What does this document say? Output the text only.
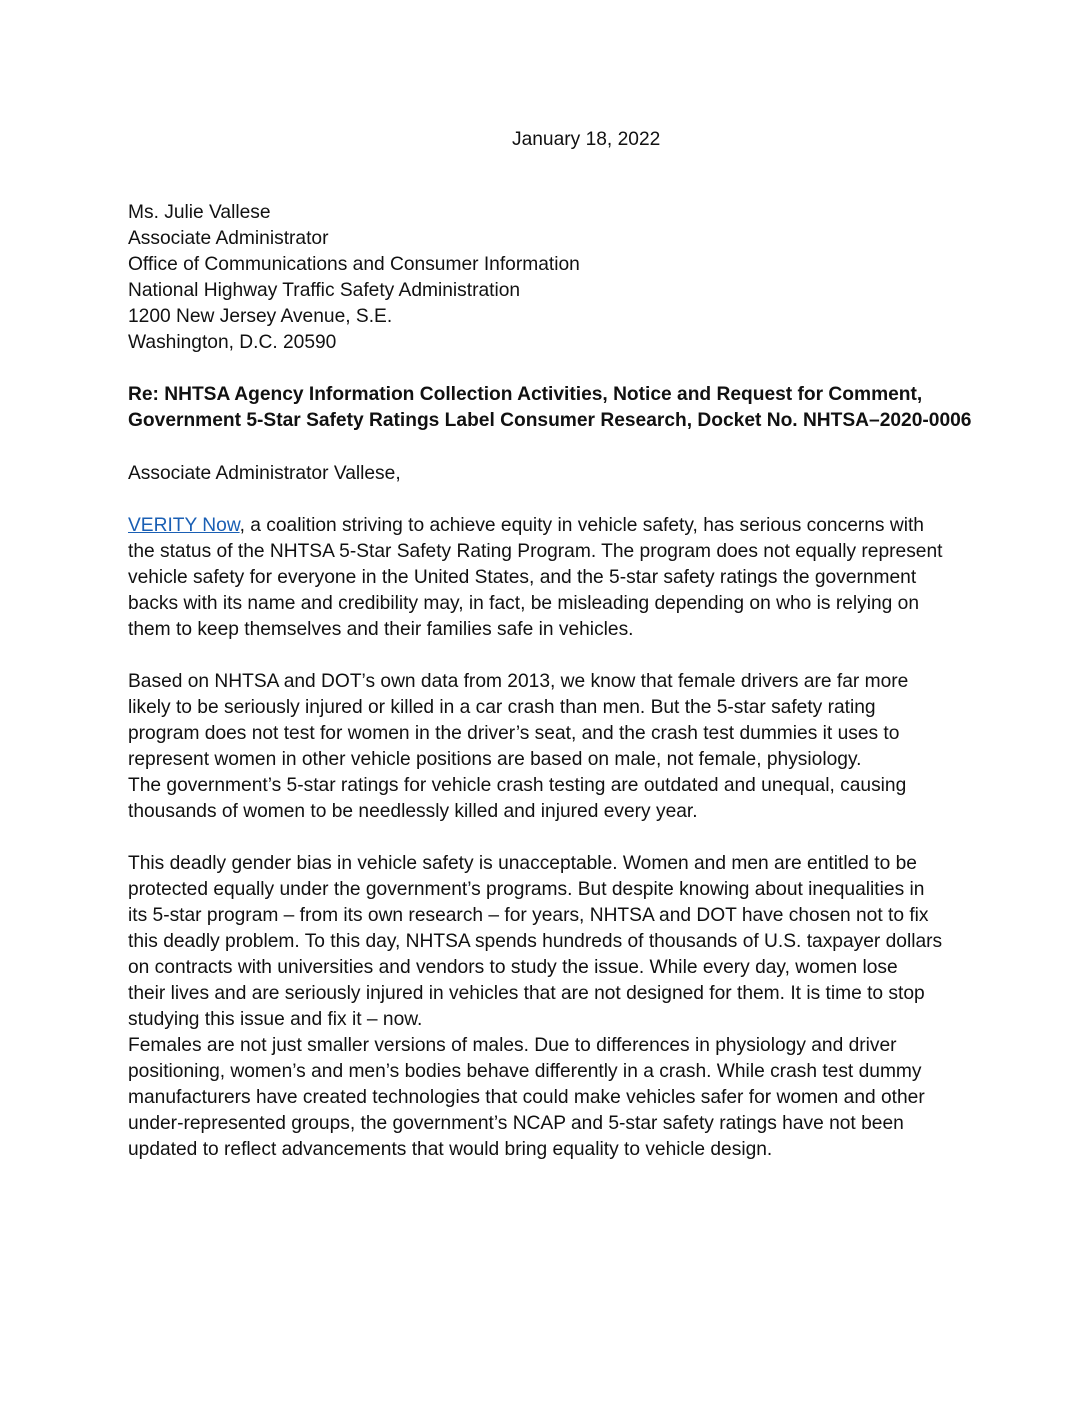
January 18, 2022
Ms. Julie Vallese
Associate Administrator
Office of Communications and Consumer Information
National Highway Traffic Safety Administration
1200 New Jersey Avenue, S.E.
Washington, D.C. 20590
Re: NHTSA Agency Information Collection Activities, Notice and Request for Comment,
Government 5-Star Safety Ratings Label Consumer Research, Docket No. NHTSA–2020-0006
Associate Administrator Vallese,
VERITY Now, a coalition striving to achieve equity in vehicle safety, has serious concerns with
the status of the NHTSA 5-Star Safety Rating Program. The program does not equally represent
vehicle safety for everyone in the United States, and the 5-star safety ratings the government
backs with its name and credibility may, in fact, be misleading depending on who is relying on
them to keep themselves and their families safe in vehicles.
Based on NHTSA and DOT’s own data from 2013, we know that female drivers are far more
likely to be seriously injured or killed in a car crash than men. But the 5-star safety rating
program does not test for women in the driver’s seat, and the crash test dummies it uses to
represent women in other vehicle positions are based on male, not female, physiology.
The government’s 5-star ratings for vehicle crash testing are outdated and unequal, causing
thousands of women to be needlessly killed and injured every year.
This deadly gender bias in vehicle safety is unacceptable. Women and men are entitled to be
protected equally under the government’s programs. But despite knowing about inequalities in
its 5-star program – from its own research – for years, NHTSA and DOT have chosen not to fix
this deadly problem. To this day, NHTSA spends hundreds of thousands of U.S. taxpayer dollars
on contracts with universities and vendors to study the issue. While every day, women lose
their lives and are seriously injured in vehicles that are not designed for them. It is time to stop
studying this issue and fix it – now.
Females are not just smaller versions of males. Due to differences in physiology and driver
positioning, women’s and men’s bodies behave differently in a crash. While crash test dummy
manufacturers have created technologies that could make vehicles safer for women and other
under-represented groups, the government’s NCAP and 5-star safety ratings have not been
updated to reflect advancements that would bring equality to vehicle design.
